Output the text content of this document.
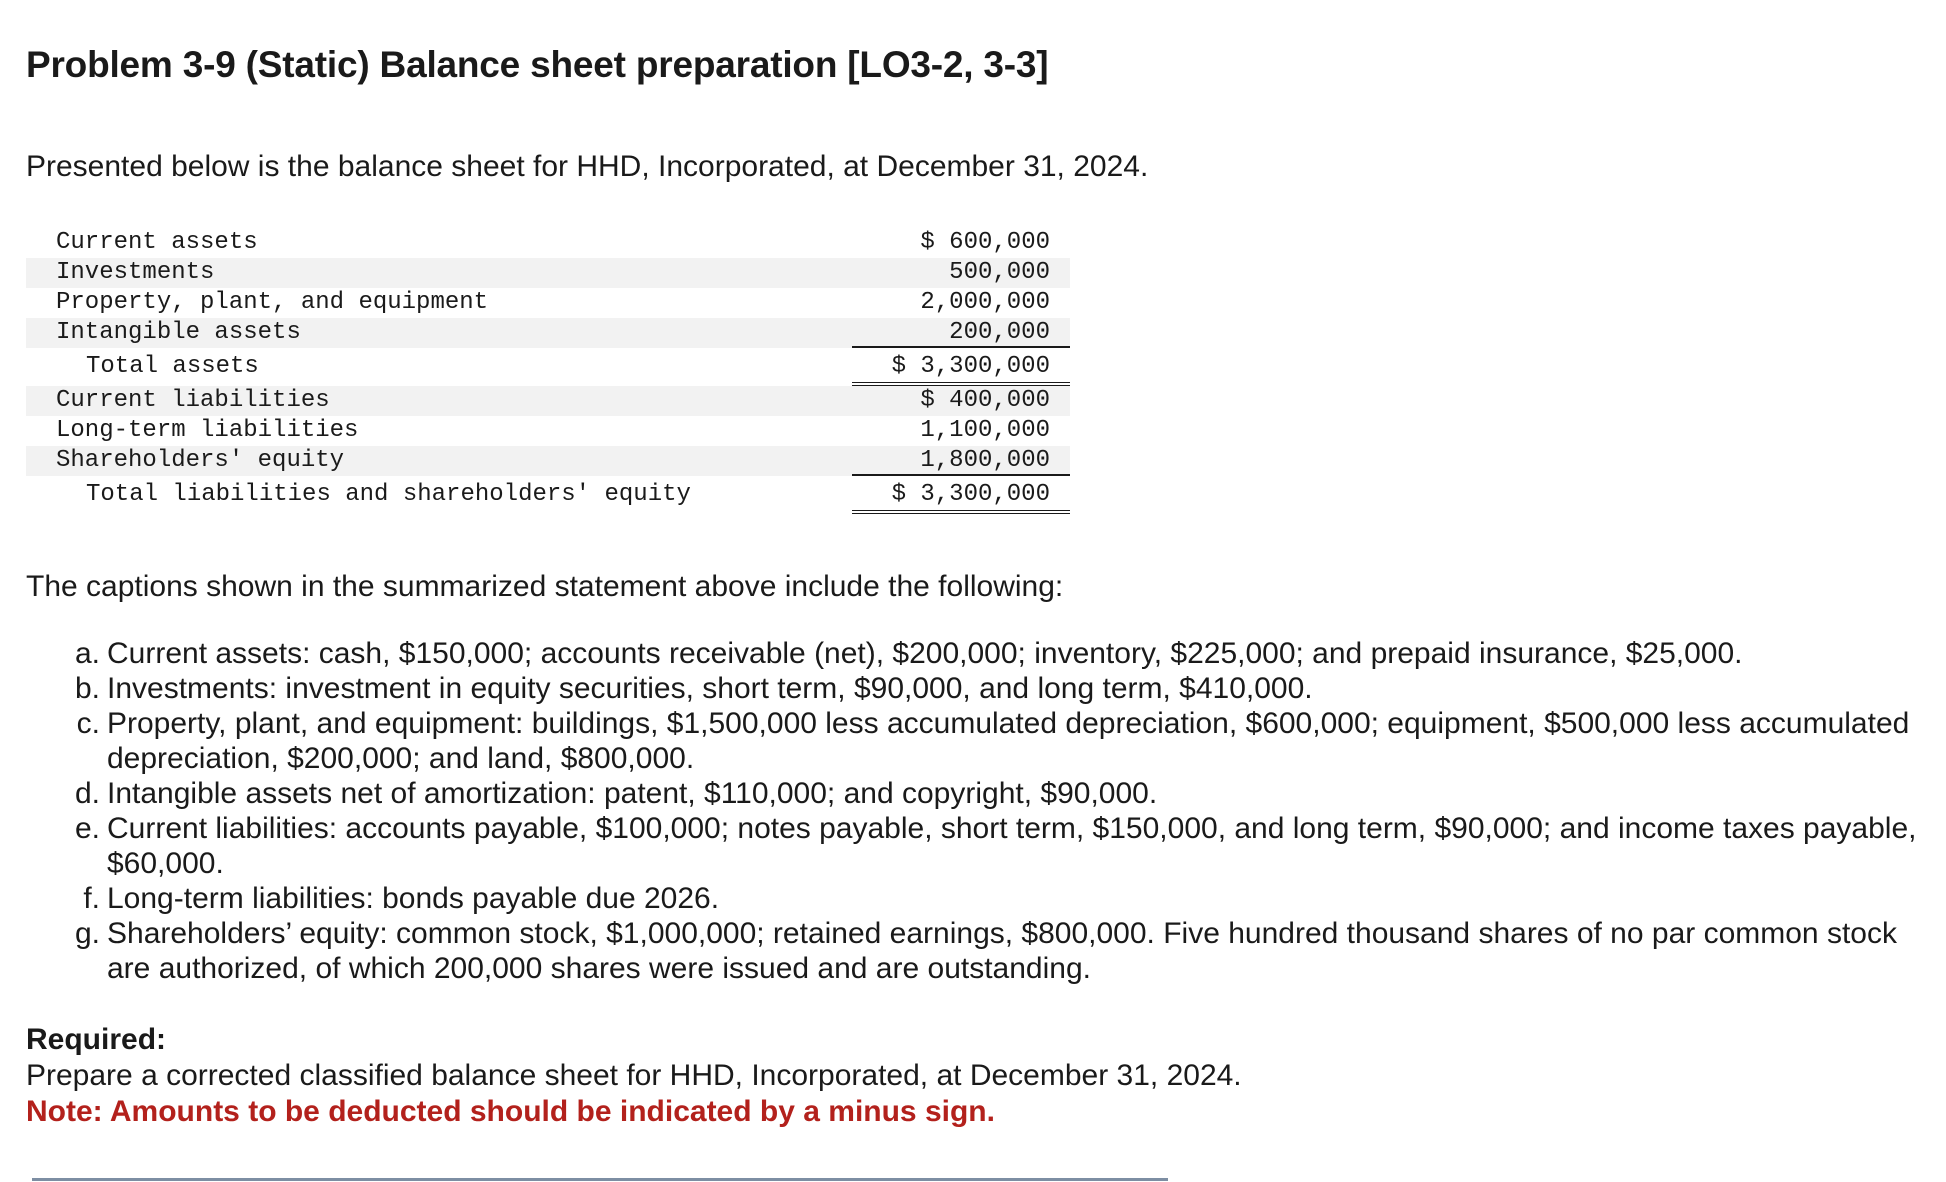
Problem 3-9 (Static) Balance sheet preparation [LO3-2, 3-3]

Presented below is the balance sheet for HHD, Incorporated, at December 31, 2024.

Current assets	$ 600,000
Investments	500,000
Property, plant, and equipment	2,000,000
Intangible assets	200,000
Total assets	$ 3,300,000
Current liabilities	$ 400,000
Long-term liabilities	1,100,000
Shareholders' equity	1,800,000
Total liabilities and shareholders' equity	$ 3,300,000

The captions shown in the summarized statement above include the following:

a. Current assets: cash, $150,000; accounts receivable (net), $200,000; inventory, $225,000; and prepaid insurance, $25,000.
b. Investments: investment in equity securities, short term, $90,000, and long term, $410,000.
c. Property, plant, and equipment: buildings, $1,500,000 less accumulated depreciation, $600,000; equipment, $500,000 less accumulated depreciation, $200,000; and land, $800,000.
d. Intangible assets net of amortization: patent, $110,000; and copyright, $90,000.
e. Current liabilities: accounts payable, $100,000; notes payable, short term, $150,000, and long term, $90,000; and income taxes payable, $60,000.
f. Long-term liabilities: bonds payable due 2026.
g. Shareholders’ equity: common stock, $1,000,000; retained earnings, $800,000. Five hundred thousand shares of no par common stock are authorized, of which 200,000 shares were issued and are outstanding.
Required:
Prepare a corrected classified balance sheet for HHD, Incorporated, at December 31, 2024.
Note: Amounts to be deducted should be indicated by a minus sign.
